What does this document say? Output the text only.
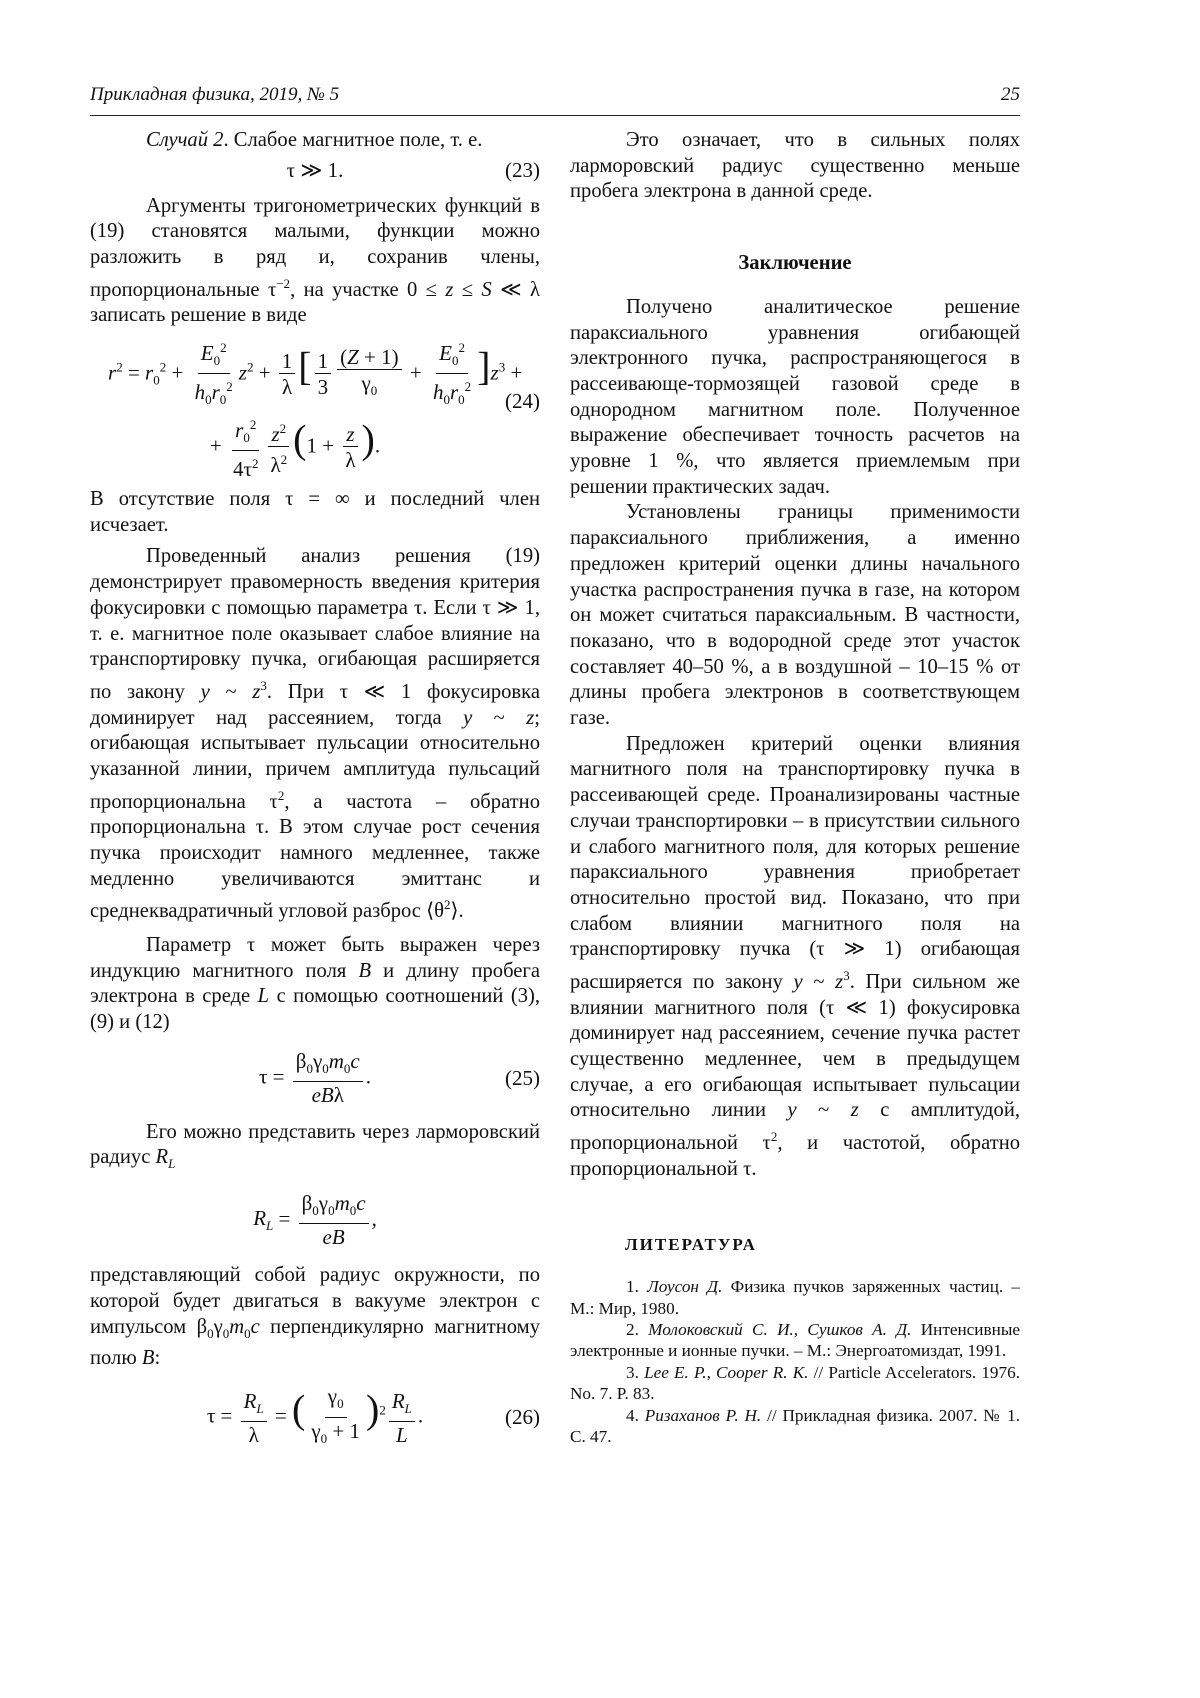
Прикладная физика, 2019, № 5	25

Случай 2. Слабое магнитное поле, т. е.

τ ≫ 1.	(23)

Аргументы тригонометрических функций в (19) становятся малыми, функции можно разложить в ряд и, сохранив члены, пропорциональные τ−2, на участке 0 ≤ z ≤ S ≪ λ записать решение в виде

r2 = r02 +
E02
h0r02
z2 + 1
λ [ 1
3
(Z + 1)
γ0
+
E02
h0r02 ]z3 +
+
r02
4τ2
z2
λ2 (1 + z
λ ).
(24)

В отсутствие поля τ = ∞ и последний член исчезает.

Проведенный анализ решения (19) демонстрирует правомерность введения критерия фокусировки с помощью параметра τ. Если τ ≫ 1, т. е. магнитное поле оказывает слабое влияние на транспортировку пучка, огибающая расширяется по закону y ~ z3. При τ ≪ 1 фокусировка доминирует над рассеянием, тогда y ~ z; огибающая испытывает пульсации относительно указанной линии, причем амплитуда пульсаций пропорциональна τ2, а частота – обратно пропорциональна τ. В этом случае рост сечения пучка происходит намного медленнее, также медленно увеличиваются эмиттанс и среднеквадратичный угловой разброс ⟨θ2⟩.

Параметр τ может быть выражен через индукцию магнитного поля B и длину пробега электрона в среде L с помощью соотношений (3), (9) и (12)

τ =
β0γ0m0c
eBλ
.	(25)

Его можно представить через ларморовский радиус RL

RL =
β0γ0m0c
eB
,

представляющий собой радиус окружности, по которой будет двигаться в вакууме электрон с импульсом β0γ0m0c перпендикулярно магнитному полю B:

τ =
RL
λ
= ( γ0
γ0 + 1 )2 RL
L
.	(26)

Это означает, что в сильных полях ларморовский радиус существенно меньше пробега электрона в данной среде.

Заключение

Получено аналитическое решение параксиального уравнения огибающей электронного пучка, распространяющегося в рассеивающе-тормозящей газовой среде в однородном магнитном поле. Полученное выражение обеспечивает точность расчетов на уровне 1 %, что является приемлемым при решении практических задач.

Установлены границы применимости параксиального приближения, а именно предложен критерий оценки длины начального участка распространения пучка в газе, на котором он может считаться параксиальным. В частности, показано, что в водородной среде этот участок составляет 40–50 %, а в воздушной – 10–15 % от длины пробега электронов в соответствующем газе.

Предложен критерий оценки влияния магнитного поля на транспортировку пучка в рассеивающей среде. Проанализированы частные случаи транспортировки – в присутствии сильного и слабого магнитного поля, для которых решение параксиального уравнения приобретает относительно простой вид. Показано, что при слабом влиянии магнитного поля на транспортировку пучка (τ ≫ 1) огибающая расширяется по закону y ~ z3. При сильном же влиянии магнитного поля (τ ≪ 1) фокусировка доминирует над рассеянием, сечение пучка растет существенно медленнее, чем в предыдущем случае, а его огибающая испытывает пульсации относительно линии y ~ z с амплитудой, пропорциональной τ2, и частотой, обратно пропорциональной τ.

ЛИТЕРАТУРА

1. Лоусон Д. Физика пучков заряженных частиц. – М.: Мир, 1980.

2. Молоковский С. И., Сушков А. Д. Интенсивные электронные и ионные пучки. – М.: Энергоатомиздат, 1991.

3. Lee E. P., Cooper R. K. // Particle Accelerators. 1976. No. 7. P. 83.

4. Ризаханов Р. Н. // Прикладная физика. 2007. № 1. С. 47.
